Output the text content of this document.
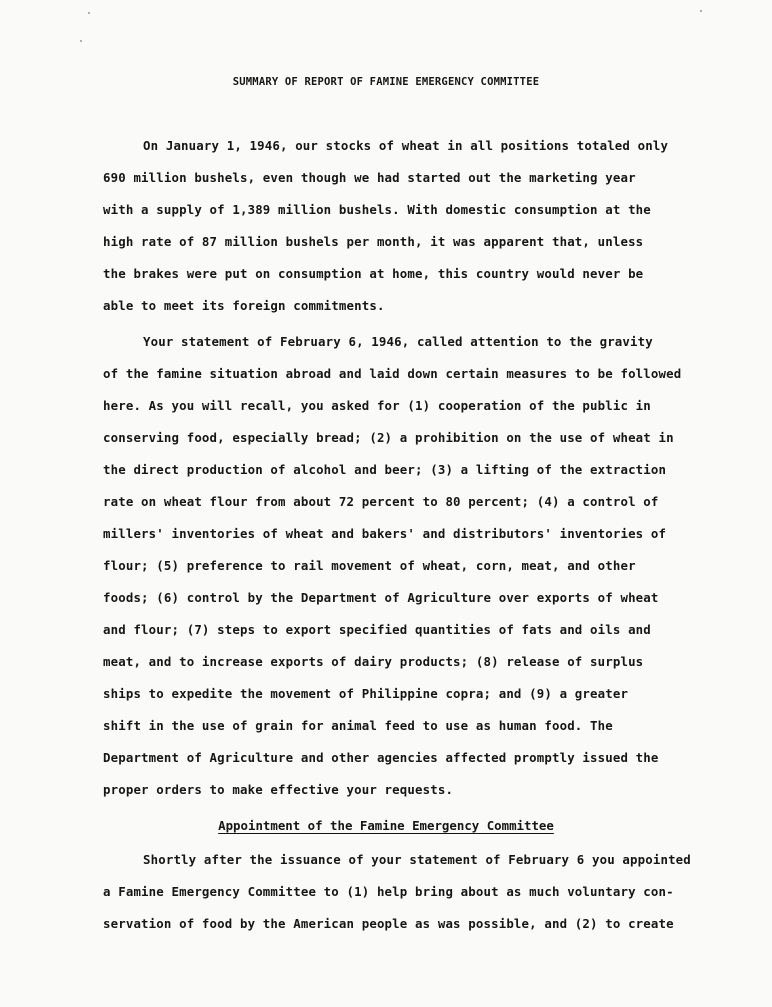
SUMMARY OF REPORT OF FAMINE EMERGENCY COMMITTEE
On January 1, 1946, our stocks of wheat in all positions totaled only
690 million bushels, even though we had started out the marketing year
with a supply of 1,389 million bushels. With domestic consumption at the
high rate of 87 million bushels per month, it was apparent that, unless
the brakes were put on consumption at home, this country would never be
able to meet its foreign commitments.
Your statement of February 6, 1946, called attention to the gravity
of the famine situation abroad and laid down certain measures to be followed
here. As you will recall, you asked for (1) cooperation of the public in
conserving food, especially bread; (2) a prohibition on the use of wheat in
the direct production of alcohol and beer; (3) a lifting of the extraction
rate on wheat flour from about 72 percent to 80 percent; (4) a control of
millers' inventories of wheat and bakers' and distributors' inventories of
flour; (5) preference to rail movement of wheat, corn, meat, and other
foods; (6) control by the Department of Agriculture over exports of wheat
and flour; (7) steps to export specified quantities of fats and oils and
meat, and to increase exports of dairy products; (8) release of surplus
ships to expedite the movement of Philippine copra; and (9) a greater
shift in the use of grain for animal feed to use as human food. The
Department of Agriculture and other agencies affected promptly issued the
proper orders to make effective your requests.
Appointment of the Famine Emergency Committee
Shortly after the issuance of your statement of February 6 you appointed
a Famine Emergency Committee to (1) help bring about as much voluntary con-
servation of food by the American people as was possible, and (2) to create
